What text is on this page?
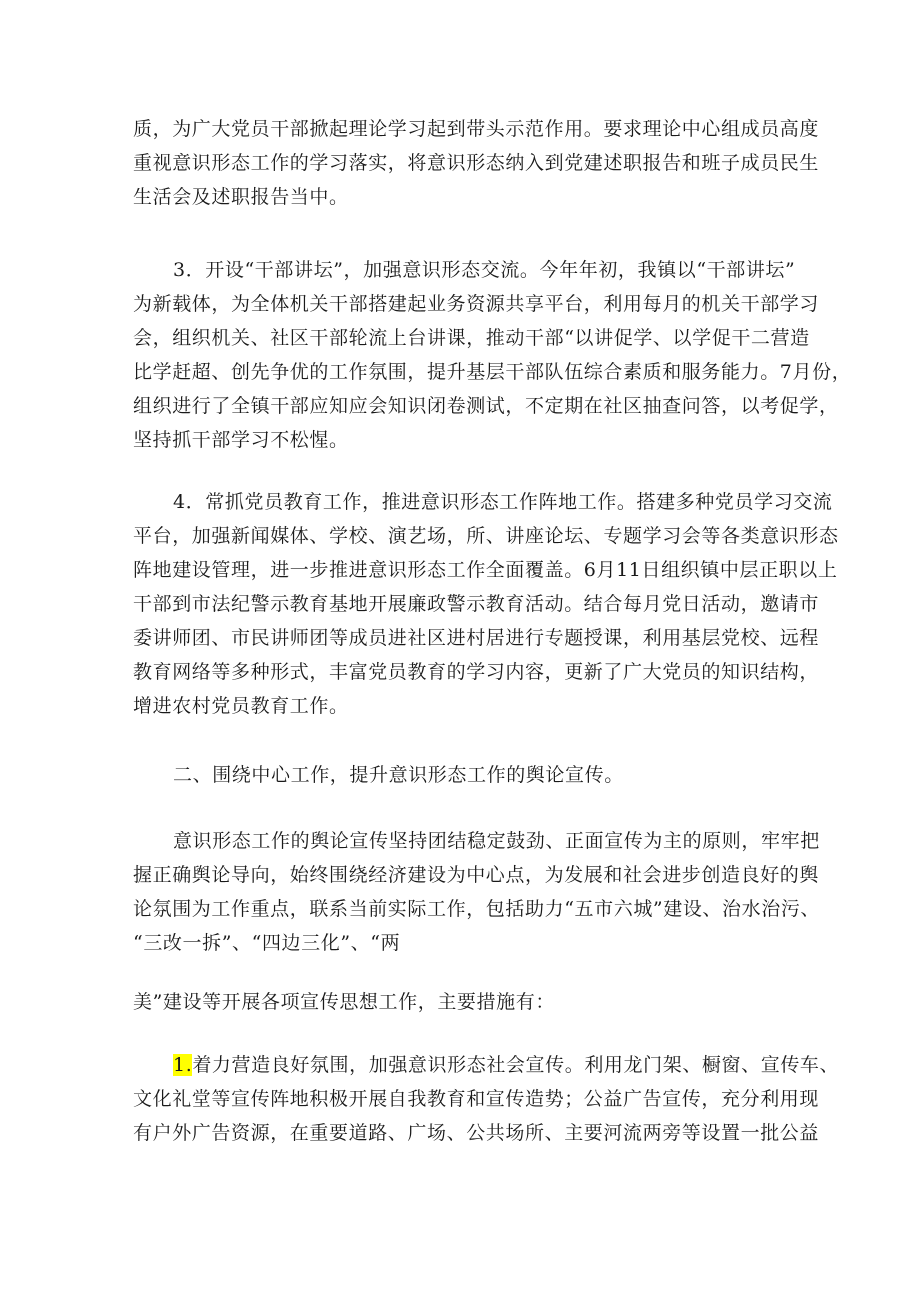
质，为广大党员干部掀起理论学习起到带头示范作用。要求理论中心组成员高度
重视意识形态工作的学习落实，将意识形态纳入到党建述职报告和班子成员民生
生活会及述职报告当中。
3．开设“干部讲坛”，加强意识形态交流。今年年初，我镇以“干部讲坛”
为新载体，为全体机关干部搭建起业务资源共享平台，利用每月的机关干部学习
会，组织机关、社区干部轮流上台讲课，推动干部“以讲促学、以学促干二营造
比学赶超、创先争优的工作氛围，提升基层干部队伍综合素质和服务能力。7月份，
组织进行了全镇干部应知应会知识闭卷测试，不定期在社区抽查问答，以考促学，
坚持抓干部学习不松惺。
4．常抓党员教育工作，推进意识形态工作阵地工作。搭建多种党员学习交流
平台，加强新闻媒体、学校、演艺场，所、讲座论坛、专题学习会等各类意识形态
阵地建设管理，进一步推进意识形态工作全面覆盖。6月11日组织镇中层正职以上
干部到市法纪警示教育基地开展廉政警示教育活动。结合每月党日活动，邀请市
委讲师团、市民讲师团等成员进社区进村居进行专题授课，利用基层党校、远程
教育网络等多种形式，丰富党员教育的学习内容，更新了广大党员的知识结构，
增进农村党员教育工作。
二、围绕中心工作，提升意识形态工作的舆论宣传。
意识形态工作的舆论宣传坚持团结稳定鼓劲、正面宣传为主的原则，牢牢把
握正确舆论导向，始终围绕经济建设为中心点，为发展和社会进步创造良好的舆
论氛围为工作重点，联系当前实际工作，包括助力“五市六城”建设、治水治污、
“三改一拆”、“四边三化”、“两
美”建设等开展各项宣传思想工作，主要措施有：
1.着力营造良好氛围，加强意识形态社会宣传。利用龙门架、橱窗、宣传车、
文化礼堂等宣传阵地积极开展自我教育和宣传造势；公益广告宣传，充分利用现
有户外广告资源，在重要道路、广场、公共场所、主要河流两旁等设置一批公益
